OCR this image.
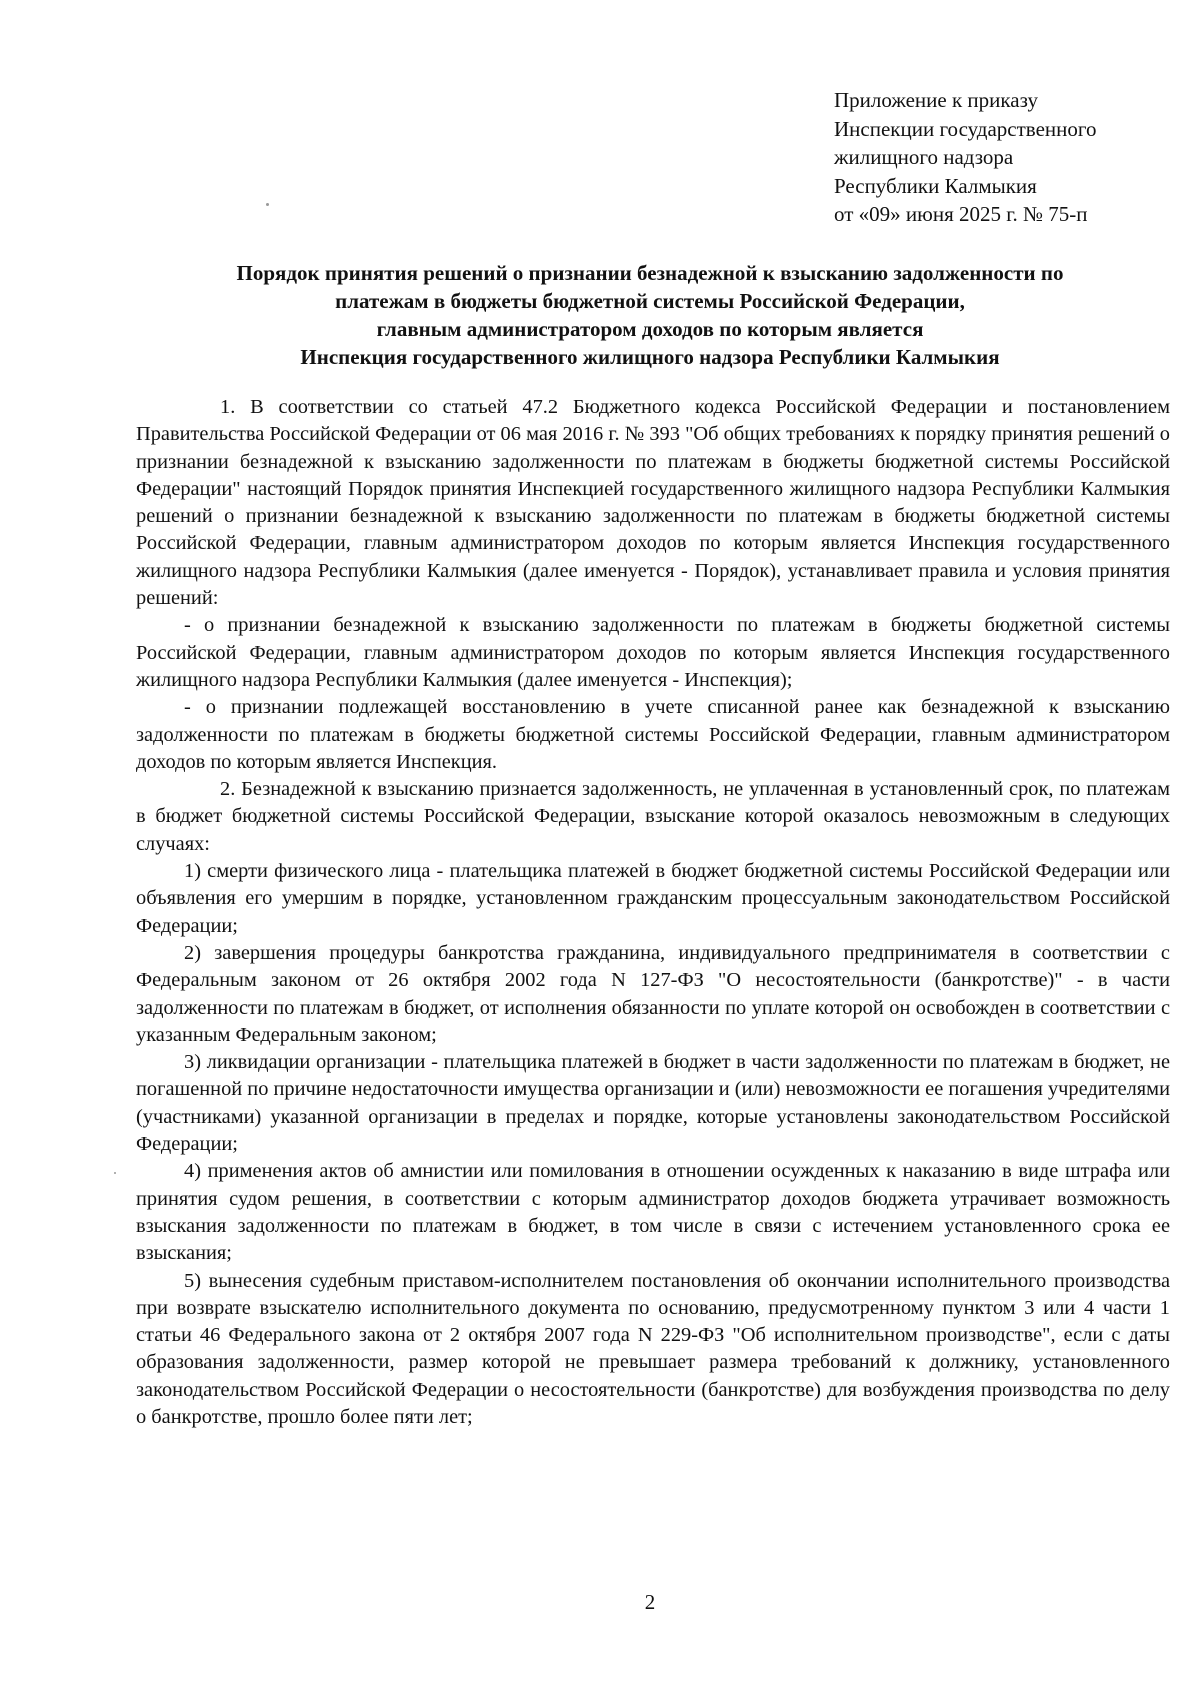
Приложение к приказу
Инспекции государственного
жилищного надзора
Республики Калмыкия
от «09» июня 2025 г. № 75-п
Порядок принятия решений о признании безнадежной к взысканию задолженности по
платежам в бюджеты бюджетной системы Российской Федерации,
главным администратором доходов по которым является
Инспекция государственного жилищного надзора Республики Калмыкия

1. В соответствии со статьей 47.2 Бюджетного кодекса Российской Федерации и постановлением Правительства Российской Федерации от 06 мая 2016 г. № 393 "Об общих требованиях к порядку принятия решений о признании безнадежной к взысканию задолженности по платежам в бюджеты бюджетной системы Российской Федерации" настоящий Порядок принятия Инспекцией государственного жилищного надзора Республики Калмыкия решений о признании безнадежной к взысканию задолженности по платежам в бюджеты бюджетной системы Российской Федерации, главным администратором доходов по которым является Инспекция государственного жилищного надзора Республики Калмыкия (далее именуется - Порядок), устанавливает правила и условия принятия решений:

- о признании безнадежной к взысканию задолженности по платежам в бюджеты бюджетной системы Российской Федерации, главным администратором доходов по которым является Инспекция государственного жилищного надзора Республики Калмыкия (далее именуется - Инспекция);

- о признании подлежащей восстановлению в учете списанной ранее как безнадежной к взысканию задолженности по платежам в бюджеты бюджетной системы Российской Федерации, главным администратором доходов по которым является Инспекция.

2. Безнадежной к взысканию признается задолженность, не уплаченная в установленный срок, по платежам в бюджет бюджетной системы Российской Федерации, взыскание которой оказалось невозможным в следующих случаях:

1) смерти физического лица - плательщика платежей в бюджет бюджетной системы Российской Федерации или объявления его умершим в порядке, установленном гражданским процессуальным законодательством Российской Федерации;

2) завершения процедуры банкротства гражданина, индивидуального предпринимателя в соответствии с Федеральным законом от 26 октября 2002 года N 127-ФЗ "О несостоятельности (банкротстве)" - в части задолженности по платежам в бюджет, от исполнения обязанности по уплате которой он освобожден в соответствии с указанным Федеральным законом;

3) ликвидации организации - плательщика платежей в бюджет в части задолженности по платежам в бюджет, не погашенной по причине недостаточности имущества организации и (или) невозможности ее погашения учредителями (участниками) указанной организации в пределах и порядке, которые установлены законодательством Российской Федерации;

4) применения актов об амнистии или помилования в отношении осужденных к наказанию в виде штрафа или принятия судом решения, в соответствии с которым администратор доходов бюджета утрачивает возможность взыскания задолженности по платежам в бюджет, в том числе в связи с истечением установленного срока ее взыскания;

5) вынесения судебным приставом-исполнителем постановления об окончании исполнительного производства при возврате взыскателю исполнительного документа по основанию, предусмотренному пунктом 3 или 4 части 1 статьи 46 Федерального закона от 2 октября 2007 года N 229-ФЗ "Об исполнительном производстве", если с даты образования задолженности, размер которой не превышает размера требований к должнику, установленного законодательством Российской Федерации о несостоятельности (банкротстве) для возбуждения производства по делу о банкротстве, прошло более пяти лет;

2
